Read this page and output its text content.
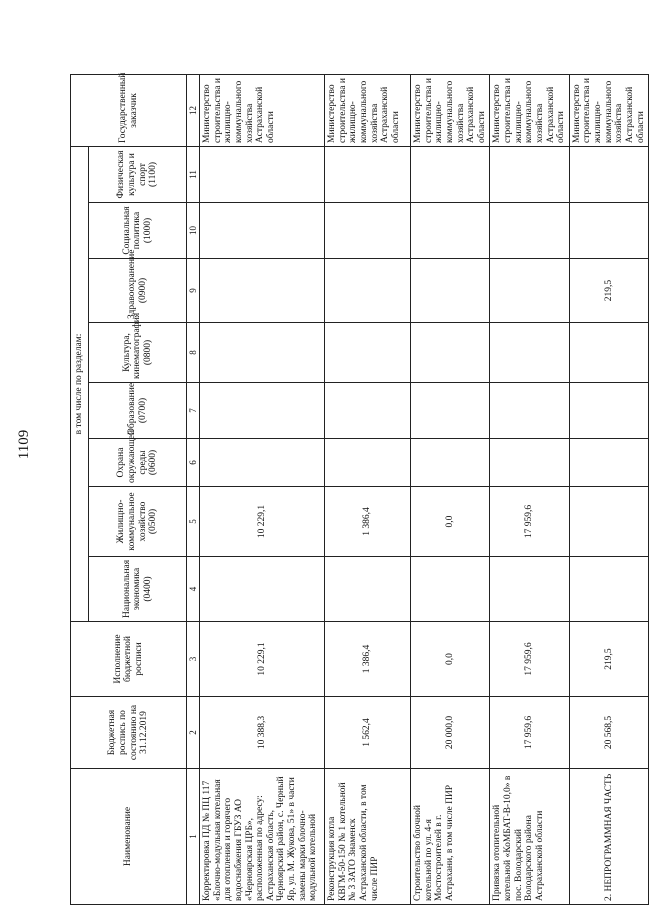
1109
Наименование	Бюджетная роспись по состоянию на 31.12.2019	Исполнение бюджетной росписи	в том числе по разделам:								Государственный заказчик
			Национальная экономика (0400)	Жилищно-коммунальное хозяйство (0500)	Охрана окружающей среды (0600)	Образование (0700)	Культура, кинематография (0800)	Здравоохранение (0900)	Социальная политика (1000)	Физическая культура и спорт (1100)	
1	2	3	4	5	6	7	8	9	10	11	12
Корректировка ПД № ПЦ 117 «Блочно-модульная котельная для отопления и горячего водоснабжения ГБУЗ АО «Черноярская ЦРБ», расположенная по адресу: Астраханская область, Черноярский район, с. Черный Яр, ул. М. Жукова, 51» в части замены марки блочно-модульной котельной	10 388,3	10 229,1		10 229,1							Министерство строительства и жилищно-коммунального хозяйства Астраханской области
Реконструкция котла КВГМ-50-150 № 1 котельной № 3 ЗАТО Знаменск Астраханской области, в том числе ПИР	1 562,4	1 386,4		1 386,4							Министерство строительства и жилищно-коммунального хозяйства Астраханской области
Строительство блочной котельной по ул. 4-я Мостостроителей в г. Астрахани, в том числе ПИР	20 000,0	0,0		0,0							Министерство строительства и жилищно-коммунального хозяйства Астраханской области
Привязка отопительной котельной «КоМБАТ-В-10,0» в пос. Володарский Володарского района Астраханской области	17 959,6	17 959,6		17 959,6							Министерство строительства и жилищно-коммунального хозяйства Астраханской области
2. НЕПРОГРАММНАЯ ЧАСТЬ	20 568,5	219,5						219,5			Министерство строительства и жилищно-коммунального хозяйства Астраханской области
